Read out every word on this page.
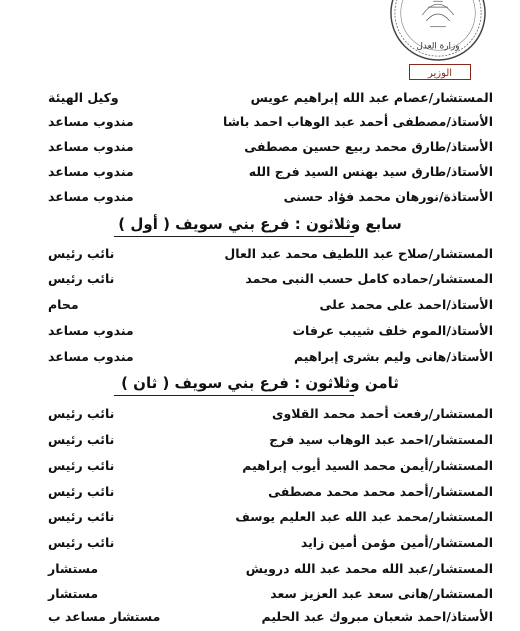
وزارة العدل
الوزير
المستشار/عصام عبد الله إبراهيم عويس
وكيل الهيئة
الأستاذ/مصطفى أحمد عبد الوهاب احمد باشا
مندوب مساعد
الأستاذ/طارق محمد ربيع حسين مصطفى
مندوب مساعد
الأستاذ/طارق سيد بهنس السيد فرج الله
مندوب مساعد
الأستاذة/نورهان محمد فؤاد حسنى
مندوب مساعد
سابع وثلاثون : فرع بني سويف ( أول )
المستشار/صلاح عبد اللطيف محمد عبد العال
نائب رئيس
المستشار/حماده كامل حسب النبى محمد
نائب رئيس
الأستاذ/احمد على محمد على
محام
الأستاذ/الموم خلف شيبب عرفات
مندوب مساعد
الأستاذ/هانى وليم بشرى إبراهيم
مندوب مساعد
ثامن وثلاثون : فرع بني سويف ( ثان )
المستشار/رفعت أحمد محمد القلاوى
نائب رئيس
المستشار/احمد عبد الوهاب سيد فرج
نائب رئيس
المستشار/أيمن محمد السيد أيوب إبراهيم
نائب رئيس
المستشار/أحمد محمد محمد مصطفى
نائب رئيس
المستشار/محمد عبد الله عبد العليم يوسف
نائب رئيس
المستشار/أمين مؤمن أمين زايد
نائب رئيس
المستشار/عبد الله محمد عبد الله درويش
مستشار
المستشار/هانى سعد عبد العزيز سعد
مستشار
الأستاذ/احمد شعبان مبروك عبد الحليم
مستشار مساعد ب
